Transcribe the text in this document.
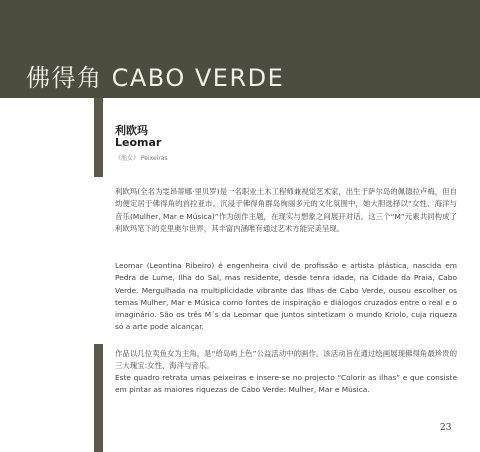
佛得角 CABO VERDE
利欧玛
Leomar
《渔女》 Peixeiras

利欧玛(全名为雯昂蒂娜·里贝罗)是一名职业土木工程师兼视觉艺术家，出生于萨尔岛的佩德拉卢梅，但自幼便定居于佛得角的首拉亚市。沉浸于佛得角群岛绚丽多元的文化氛围中，她大胆选择以“女性、海洋与音乐(Mulher, Mar e Música)”作为创作主题，在现实与想象之间展开对话。这三个“M”元素共同构成了利欧玛笔下的克里奥尔世界，其丰富内涵唯有通过艺术方能完美呈现。

Leomar (Leontina Ribeiro) é engenheira civil de profissão e artista plástica, nascida em Pedra de Lume, Ilha do Sal, mas residente, desde tenra idade, na Cidade da Praia, Cabo Verde. Mergulhada na multiplicidade vibrante das Ilhas de Cabo Verde, ousou escolher os temas Mulher, Mar e Música como fontes de inspiração e diálogos cruzados entre o real e o imaginário. São os três M´s da Leomar que juntos sintetizam o mundo Kriolo, cuja riqueza só a arte pode alcançar.

作品以几位卖鱼女为主角，是“给岛屿上色”公益活动中的画作。该活动旨在通过绘画展现佛得角最珍贵的三大瑰宝:女性、海洋与音乐。

Este quadro retrata umas peixeiras e insere-se no projecto “Colorir as ilhas” e que consiste em pintar as maiores riquezas de Cabo Verde: Mulher, Mar e Música.

23
